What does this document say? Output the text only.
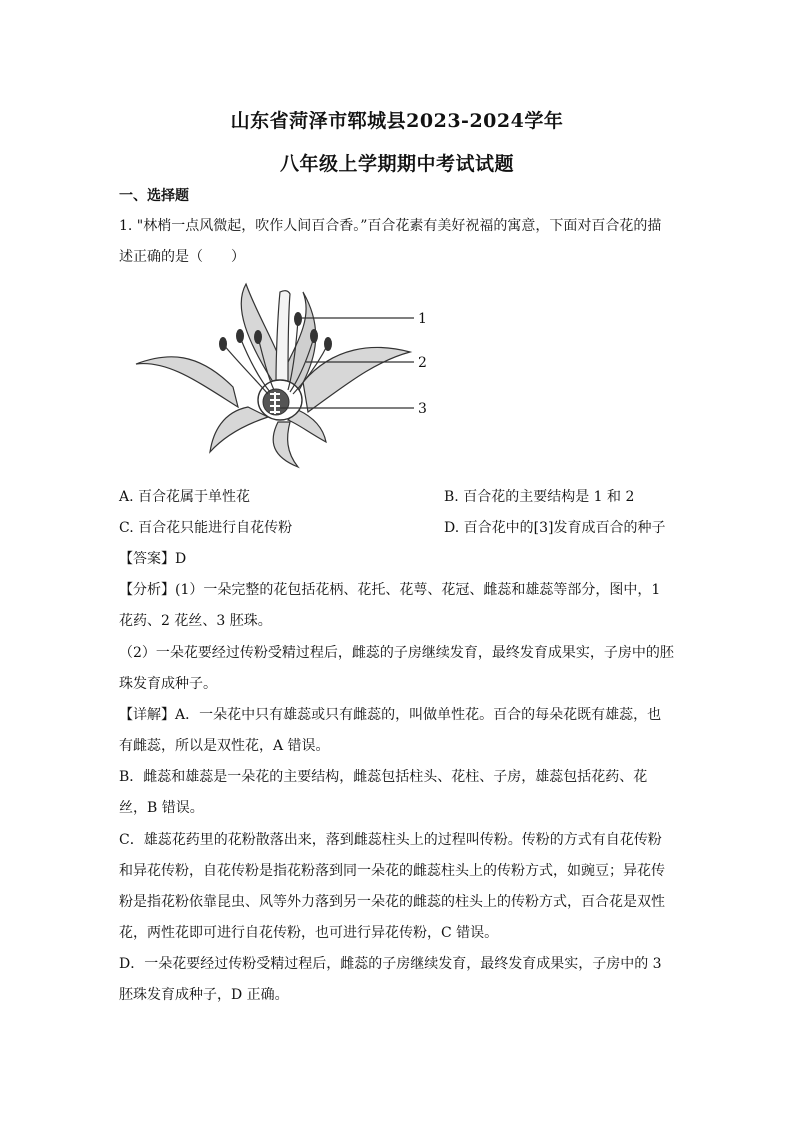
山东省菏泽市郓城县2023-2024学年
八年级上学期期中考试试题
一、选择题
1. "林梢一点风微起，吹作人间百合香。”百合花素有美好祝福的寓意，下面对百合花的描
述正确的是（　　）
1
2
3
A. 百合花属于单性花	B. 百合花的主要结构是 1 和 2
C. 百合花只能进行自花传粉	D. 百合花中的[3]发育成百合的种子
【答案】D
【分析】(1）一朵完整的花包括花柄、花托、花萼、花冠、雌蕊和雄蕊等部分，图中，1
花药、2 花丝、3 胚珠。
（2）一朵花要经过传粉受精过程后，雌蕊的子房继续发育，最终发育成果实，子房中的胚
珠发育成种子。
【详解】A．一朵花中只有雄蕊或只有雌蕊的，叫做单性花。百合的每朵花既有雄蕊，也
有雌蕊，所以是双性花，A 错误。
B．雌蕊和雄蕊是一朵花的主要结构，雌蕊包括柱头、花柱、子房，雄蕊包括花药、花
丝，B 错误。
C．雄蕊花药里的花粉散落出来，落到雌蕊柱头上的过程叫传粉。传粉的方式有自花传粉
和异花传粉，自花传粉是指花粉落到同一朵花的雌蕊柱头上的传粉方式，如豌豆；异花传
粉是指花粉依靠昆虫、风等外力落到另一朵花的雌蕊的柱头上的传粉方式，百合花是双性
花，两性花即可进行自花传粉，也可进行异花传粉，C 错误。
D．一朵花要经过传粉受精过程后，雌蕊的子房继续发育，最终发育成果实，子房中的 3
胚珠发育成种子，D 正确。
